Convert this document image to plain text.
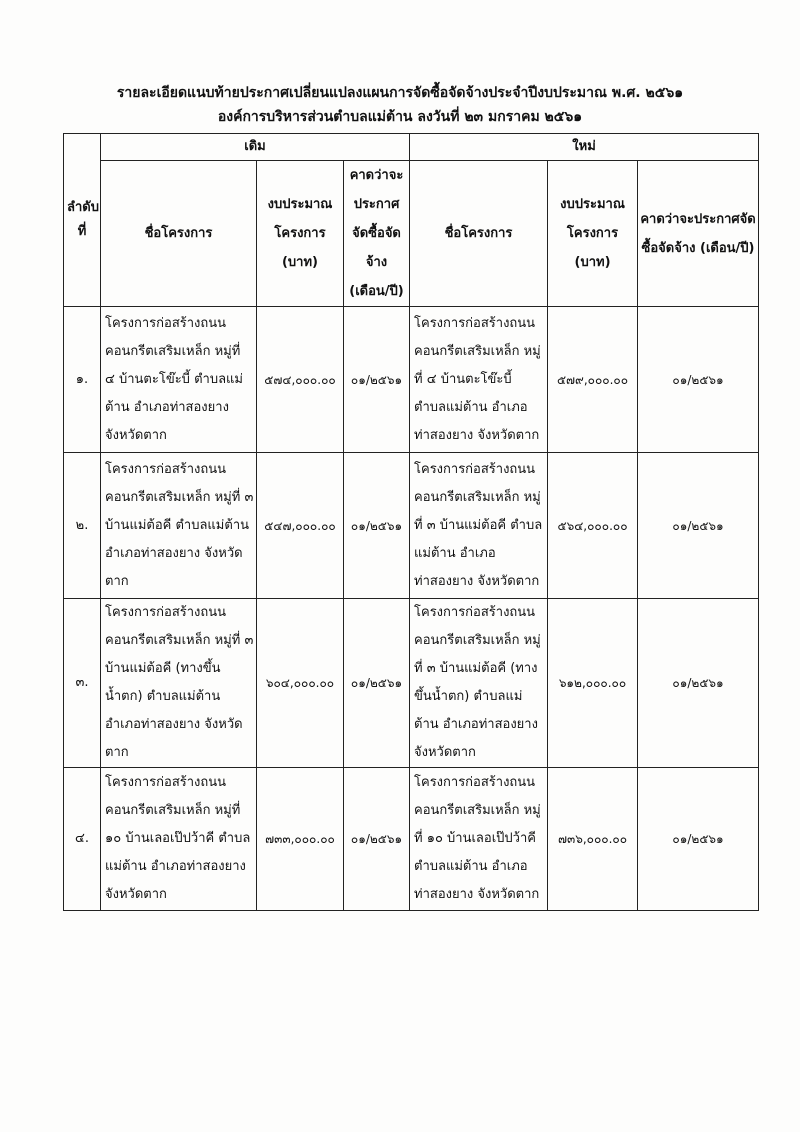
รายละเอียดแนบท้ายประกาศเปลี่ยนแปลงแผนการจัดซื้อจัดจ้างประจำปีงบประมาณ พ.ศ. ๒๕๖๑
องค์การบริหารส่วนตำบลแม่ต้าน ลงวันที่ ๒๓ มกราคม ๒๕๖๑
ลำดับที่	เดิม			ใหม่		
	ชื่อโครงการ	งบประมาณโครงการ (บาท)	คาดว่าจะประกาศจัดซื้อจัดจ้าง (เดือน/ปี)	ชื่อโครงการ	งบประมาณโครงการ (บาท)	คาดว่าจะประกาศจัดซื้อจัดจ้าง (เดือน/ปี)
๑.	โครงการก่อสร้างถนนคอนกรีตเสริมเหล็ก หมู่ที่ ๔ บ้านตะโข๊ะบี้ ตำบลแม่ต้าน อำเภอท่าสองยาง จังหวัดตาก	๕๗๔,๐๐๐.๐๐	๐๑/๒๕๖๑	โครงการก่อสร้างถนนคอนกรีตเสริมเหล็ก หมู่ที่ ๔ บ้านตะโข๊ะบี้ ตำบลแม่ต้าน อำเภอท่าสองยาง จังหวัดตาก	๕๗๙,๐๐๐.๐๐	๐๑/๒๕๖๑
๒.	โครงการก่อสร้างถนนคอนกรีตเสริมเหล็ก หมู่ที่ ๓ บ้านแม่ต้อคี ตำบลแม่ต้าน อำเภอท่าสองยาง จังหวัดตาก	๕๔๗,๐๐๐.๐๐	๐๑/๒๕๖๑	โครงการก่อสร้างถนนคอนกรีตเสริมเหล็ก หมู่ที่ ๓ บ้านแม่ต้อคี ตำบลแม่ต้าน อำเภอท่าสองยาง จังหวัดตาก	๕๖๔,๐๐๐.๐๐	๐๑/๒๕๖๑
๓.	โครงการก่อสร้างถนนคอนกรีตเสริมเหล็ก หมู่ที่ ๓ บ้านแม่ต้อคี (ทางขึ้นน้ำตก) ตำบลแม่ต้าน อำเภอท่าสองยาง จังหวัดตาก	๖๐๔,๐๐๐.๐๐	๐๑/๒๕๖๑	โครงการก่อสร้างถนนคอนกรีตเสริมเหล็ก หมู่ที่ ๓ บ้านแม่ต้อคี (ทางขึ้นน้ำตก) ตำบลแม่ต้าน อำเภอท่าสองยาง จังหวัดตาก	๖๑๒,๐๐๐.๐๐	๐๑/๒๕๖๑
๔.	โครงการก่อสร้างถนนคอนกรีตเสริมเหล็ก หมู่ที่ ๑๐ บ้านเลอเป๊ปว้าคี ตำบลแม่ต้าน อำเภอท่าสองยาง จังหวัดตาก	๗๓๓,๐๐๐.๐๐	๐๑/๒๕๖๑	โครงการก่อสร้างถนนคอนกรีตเสริมเหล็ก หมู่ที่ ๑๐ บ้านเลอเป๊ปว้าคี ตำบลแม่ต้าน อำเภอท่าสองยาง จังหวัดตาก	๗๓๖,๐๐๐.๐๐	๐๑/๒๕๖๑
